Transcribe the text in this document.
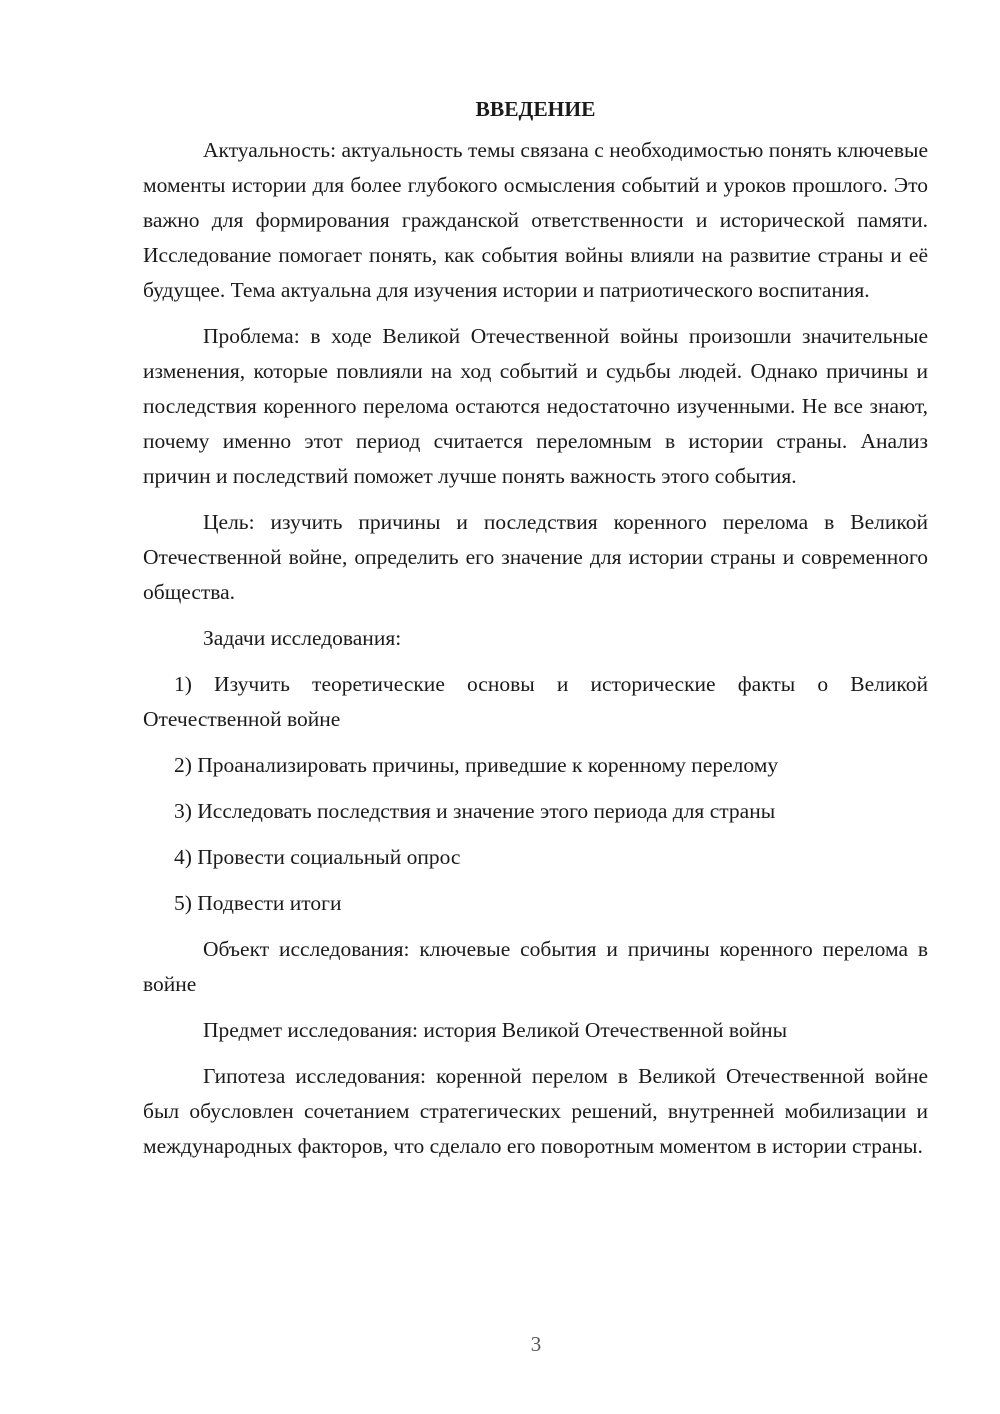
ВВЕДЕНИЕ

Актуальность: актуальность темы связана с необходимостью понять ключевые моменты истории для более глубокого осмысления событий и уроков прошлого. Это важно для формирования гражданской ответственности и исторической памяти. Исследование помогает понять, как события войны влияли на развитие страны и её будущее. Тема актуальна для изучения истории и патриотического воспитания.

Проблема: в ходе Великой Отечественной войны произошли значительные изменения, которые повлияли на ход событий и судьбы людей. Однако причины и последствия коренного перелома остаются недостаточно изученными. Не все знают, почему именно этот период считается переломным в истории страны. Анализ причин и последствий поможет лучше понять важность этого события.

Цель: изучить причины и последствия коренного перелома в Великой Отечественной войне, определить его значение для истории страны и современного общества.

Задачи исследования:

1) Изучить теоретические основы и исторические факты о Великой Отечественной войне

2) Проанализировать причины, приведшие к коренному перелому

3) Исследовать последствия и значение этого периода для страны

4) Провести социальный опрос

5) Подвести итоги

Объект исследования: ключевые события и причины коренного перелома в войне

Предмет исследования: история Великой Отечественной войны

Гипотеза исследования: коренной перелом в Великой Отечественной войне был обусловлен сочетанием стратегических решений, внутренней мобилизации и международных факторов, что сделало его поворотным моментом в истории страны.

3
